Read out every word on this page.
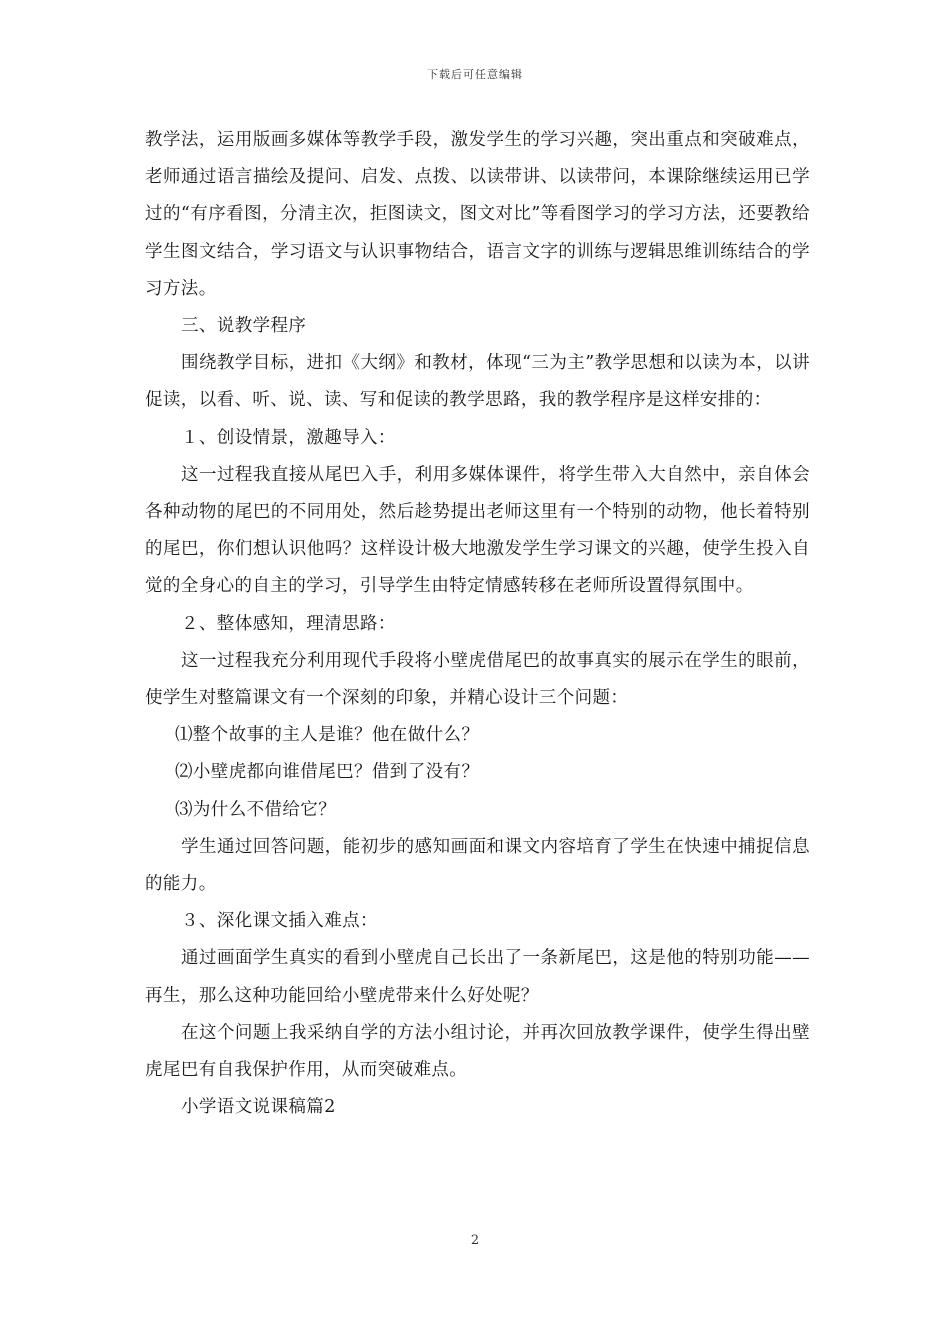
下载后可任意编辑

教学法，运用版画多媒体等教学手段，激发学生的学习兴趣，突出重点和突破难点，老师通过语言描绘及提问、启发、点拨、以读带讲、以读带问，本课除继续运用已学过的“有序看图，分清主次，拒图读文，图文对比”等看图学习的学习方法，还要教给学生图文结合，学习语文与认识事物结合，语言文字的训练与逻辑思维训练结合的学习方法。

三、说教学程序

围绕教学目标，进扣《大纲》和教材，体现“三为主”教学思想和以读为本，以讲促读，以看、听、说、读、写和促读的教学思路，我的教学程序是这样安排的：

１、创设情景，激趣导入：

这一过程我直接从尾巴入手，利用多媒体课件，将学生带入大自然中，亲自体会各种动物的尾巴的不同用处，然后趁势提出老师这里有一个特别的动物，他长着特别的尾巴，你们想认识他吗？这样设计极大地激发学生学习课文的兴趣，使学生投入自觉的全身心的自主的学习，引导学生由特定情感转移在老师所设置得氛围中。

２、整体感知，理清思路：

这一过程我充分利用现代手段将小壁虎借尾巴的故事真实的展示在学生的眼前，使学生对整篇课文有一个深刻的印象，并精心设计三个问题：

⑴整个故事的主人是谁？他在做什么？

⑵小壁虎都向谁借尾巴？借到了没有？

⑶为什么不借给它？

学生通过回答问题，能初步的感知画面和课文内容培育了学生在快速中捕捉信息的能力。

３、深化课文插入难点：

通过画面学生真实的看到小壁虎自己长出了一条新尾巴，这是他的特别功能——再生，那么这种功能回给小壁虎带来什么好处呢？

在这个问题上我采纳自学的方法小组讨论，并再次回放教学课件，使学生得出壁虎尾巴有自我保护作用，从而突破难点。

小学语文说课稿篇2

2
